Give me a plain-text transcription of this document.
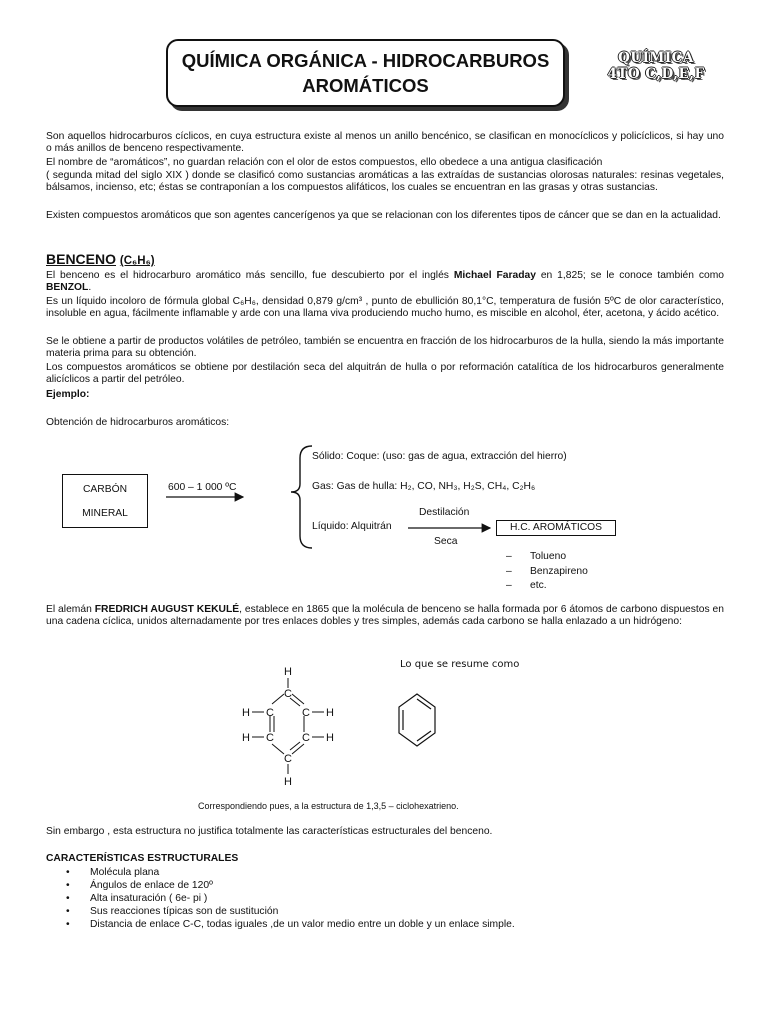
QUÍMICA ORGÁNICA - HIDROCARBUROS
AROMÁTICOS
QUÍMICA
4TO C,D,E,F
Son aquellos hidrocarburos cíclicos, en cuya estructura existe al menos un anillo bencénico, se clasifican en monocíclicos y policíclicos, si hay uno o más anillos de benceno respectivamente.
El nombre de “aromáticos”, no guardan relación con el olor de estos compuestos, ello obedece a una antigua clasificación
( segunda mitad del siglo XIX ) donde se clasificó como sustancias aromáticas a las extraídas de sustancias olorosas naturales: resinas vegetales, bálsamos, incienso, etc; éstas se contraponían a los compuestos alifáticos, los cuales se encuentran en las grasas y otras sustancias.
Existen compuestos aromáticos que son agentes cancerígenos ya que se relacionan con los diferentes tipos de cáncer que se dan en la actualidad.
BENCENO (C₆H₆)
El benceno es el hidrocarburo aromático más sencillo, fue descubierto por el inglés Michael Faraday en 1,825; se le conoce también como BENZOL.
Es un líquido incoloro de fórmula global C₆H₆, densidad 0,879 g/cm³ , punto de ebullición 80,1°C, temperatura de fusión 5ºC de olor característico, insoluble en agua, fácilmente inflamable y arde con una llama viva produciendo mucho humo, es miscible en alcohol, éter, acetona, y ácido acético.
Se le obtiene a partir de productos volátiles de petróleo, también se encuentra en fracción de los hidrocarburos de la hulla, siendo la más importante materia prima para su obtención.
Los compuestos aromáticos se obtiene por destilación seca del alquitrán de hulla o por reformación catalítica de los hidrocarburos generalmente alicíclicos a partir del petróleo.
Ejemplo:
Obtención de hidrocarburos aromáticos:
CARBÓN
MINERAL
600 – 1 000 ºC
Sólido: Coque: (uso: gas de agua, extracción del hierro)
Gas: Gas de hulla: H₂, CO, NH₃, H₂S, CH₄, C₂H₆
Líquido: Alquitrán
Destilación
Seca
H.C. AROMÁTICOS
– Tolueno
– Benzapireno
– etc.
El alemán FREDRICH AUGUST KEKULÉ, establece en 1865 que la molécula de benceno se halla formada por 6 átomos de carbono dispuestos en una cadena cíclica, unidos alternadamente por tres enlaces dobles y tres simples, además cada carbono se halla enlazado a un hidrógeno:
Lo que se resume como
H
C
C	C
H	H
C	C
H	H
C
H
Correspondiendo pues, a la estructura de 1,3,5 – ciclohexatrieno.
Sin embargo , esta estructura no justifica totalmente las características estructurales del benceno.
CARACTERÍSTICAS ESTRUCTURALES
• Molécula plana
• Ángulos de enlace de 120º
• Alta insaturación ( 6e- pi )
• Sus reacciones típicas son de sustitución
• Distancia de enlace C-C, todas iguales ,de un valor medio entre un doble y un enlace simple.
